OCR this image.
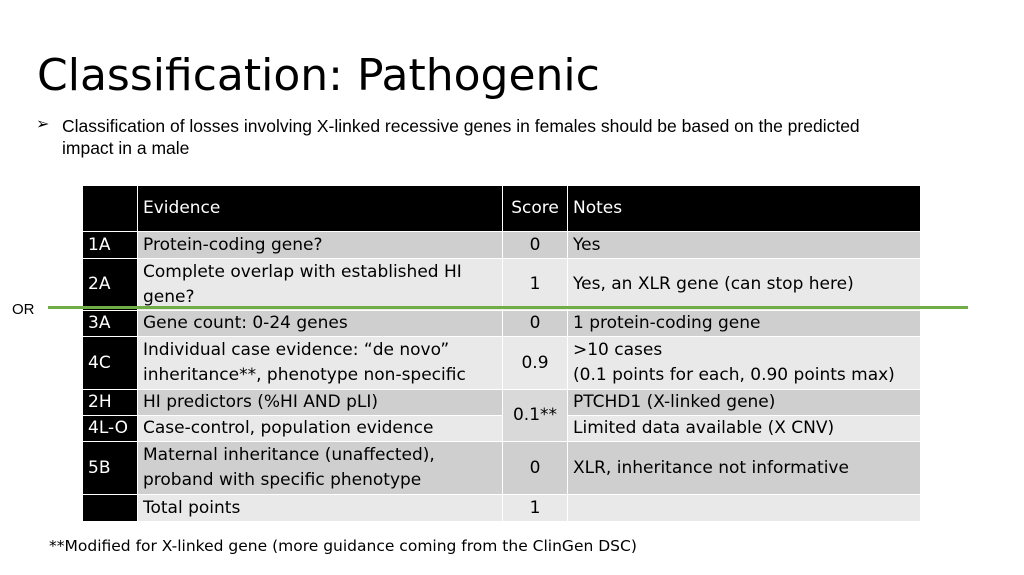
Classification: Pathogenic
➢ Classification of losses involving X-linked recessive genes in females should be based on the predicted impact in a male
	Evidence	Score	Notes
1A	Protein-coding gene?	0	Yes
2A	Complete overlap with established HI gene?	1	Yes, an XLR gene (can stop here)
3A	Gene count: 0-24 genes	0	1 protein-coding gene
4C	Individual case evidence: “de novo” inheritance**, phenotype non-specific	0.9	>10 cases
(0.1 points for each, 0.90 points max)

2H	HI predictors (%HI AND pLI)	0.1**	PTCHD1 (X-linked gene)
4L-O	Case-control, population evidence		Limited data available (X CNV)
5B	Maternal inheritance (unaffected), proband with specific phenotype	0	XLR, inheritance not informative
	Total points	1	
OR
**Modified for X-linked gene (more guidance coming from the ClinGen DSC)
